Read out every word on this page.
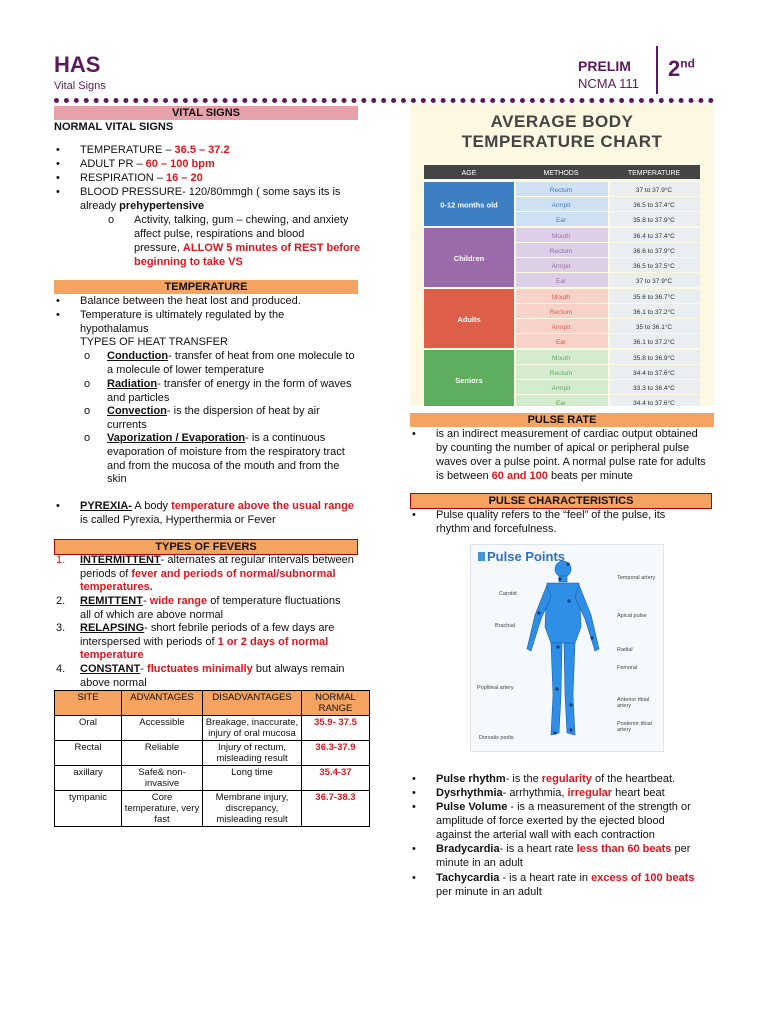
HAS
Vital Signs
PRELIM
NCMA 111
2nd
VITAL SIGNS
NORMAL VITAL SIGNS
• TEMPERATURE – 36.5 – 37.2
• ADULT PR – 60 – 100 bpm
• RESPIRATION – 16 – 20
• BLOOD PRESSURE- 120/80mmgh ( some says its is
already prehypertensive
o Activity, talking, gum – chewing, and anxiety
affect pulse, respirations and blood
pressure, ALLOW 5 minutes of REST before
beginning to take VS
TEMPERATURE
• Balance between the heat lost and produced.
• Temperature is ultimately regulated by the
hypothalamus
TYPES OF HEAT TRANSFER
o Conduction- transfer of heat from one molecule to
a molecule of lower temperature
o Radiation- transfer of energy in the form of waves
and particles
o Convection- is the dispersion of heat by air
currents
o Vaporization / Evaporation- is a continuous
evaporation of moisture from the respiratory tract
and from the mucosa of the mouth and from the
skin
• PYREXIA- A body temperature above the usual range
is called Pyrexia, Hyperthermia or Fever
TYPES OF FEVERS
1. INTERMITTENT- alternates at regular intervals between
periods of fever and periods of normal/subnormal
temperatures.
2. REMITTENT- wide range of temperature fluctuations
all of which are above normal
3. RELAPSING- short febrile periods of a few days are
interspersed with periods of 1 or 2 days of normal
temperature
4. CONSTANT- fluctuates minimally but always remain
above normal
SITE	ADVANTAGES	DISADVANTAGES	NORMAL RANGE
Oral	Accessible	Breakage, inaccurate, injury of oral mucosa	35.9- 37.5
Rectal	Reliable	Injury of rectum, misleading result	36.3-37.9
axillary	Safe& non-invasive	Long time	35.4-37
tympanic	Core temperature, very fast	Membrane injury, discrepancy, misleading result	36.7-38.3
AVERAGE BODY
TEMPERATURE CHART
AGE	METHODS	TEMPERATURE
0-12 months old
Rectum	37 to 37.9°C
Armpit	36.5 to 37.4°C
Ear	35.8 to 37.9°C
Children
Mouth	36.4 to 37.4°C
Rectum	36.6 to 37.9°C
Armpit	36.5 to 37.5°C
Ear	37 to 37.9°C
Adults
Mouth	35.6 to 36.7°C
Rectum	36.1 to 37.2°C
Armpit	35 to 36.1°C
Ear	36.1 to 37.2°C
Seniors
Mouth	35.8 to 36.9°C
Rectum	34.4 to 37.6°C
Armpit	33.3 to 36.4°C
Ear	34.4 to 37.6°C
PULSE RATE
• is an indirect measurement of cardiac output obtained
by counting the number of apical or peripheral pulse
waves over a pulse point. A normal pulse rate for adults
is between 60 and 100 beats per minute
PULSE CHARACTERISTICS
• Pulse quality refers to the “feel” of the pulse, its
rhythm and forcefulness.
Pulse Points
Carotid
Brachial
Popliteal artery
Dorsalis pedis
Temporal artery
Apical pulse
Radial
Femoral
Anterior tibial artery
Posterior tibial artery
• Pulse rhythm- is the regularity of the heartbeat.
• Dysrhythmia- arrhythmia, irregular heart beat
• Pulse Volume - is a measurement of the strength or
amplitude of force exerted by the ejected blood
against the arterial wall with each contraction
• Bradycardia- is a heart rate less than 60 beats per
minute in an adult
• Tachycardia - is a heart rate in excess of 100 beats
per minute in an adult
